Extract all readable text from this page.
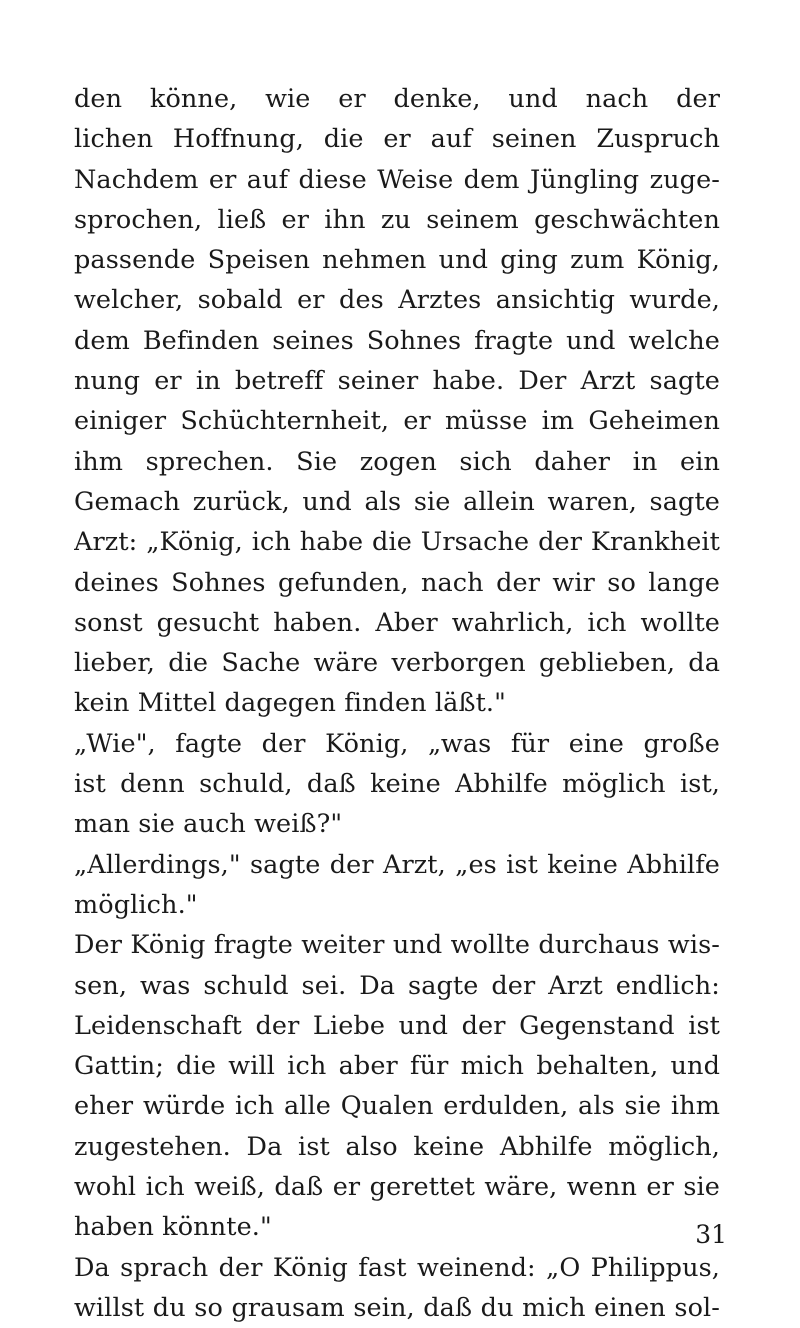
den könne, wie er denke, und nach der
lichen Hoffnung, die er auf seinen Zuspruch
Nachdem er auf diese Weise dem Jüngling zuge-
sprochen, ließ er ihn zu seinem geschwächten
passende Speisen nehmen und ging zum König,
welcher, sobald er des Arztes ansichtig wurde,
dem Befinden seines Sohnes fragte und welche
nung er in betreff seiner habe. Der Arzt sagte
einiger Schüchternheit, er müsse im Geheimen
ihm sprechen. Sie zogen sich daher in ein
Gemach zurück, und als sie allein waren, sagte
Arzt: „König, ich habe die Ursache der Krankheit
deines Sohnes gefunden, nach der wir so lange
sonst gesucht haben. Aber wahrlich, ich wollte
lieber, die Sache wäre verborgen geblieben, da
kein Mittel dagegen finden läßt."
„Wie", fagte der König, „was für eine große
ist denn schuld, daß keine Abhilfe möglich ist,
man sie auch weiß?"
„Allerdings," sagte der Arzt, „es ist keine Abhilfe
möglich."
Der König fragte weiter und wollte durchaus wis-
sen, was schuld sei. Da sagte der Arzt endlich:
Leidenschaft der Liebe und der Gegenstand ist
Gattin; die will ich aber für mich behalten, und
eher würde ich alle Qualen erdulden, als sie ihm
zugestehen. Da ist also keine Abhilfe möglich,
wohl ich weiß, daß er gerettet wäre, wenn er sie
haben könnte."
Da sprach der König fast weinend: „O Philippus,
willst du so grausam sein, daß du mich einen sol-
31
